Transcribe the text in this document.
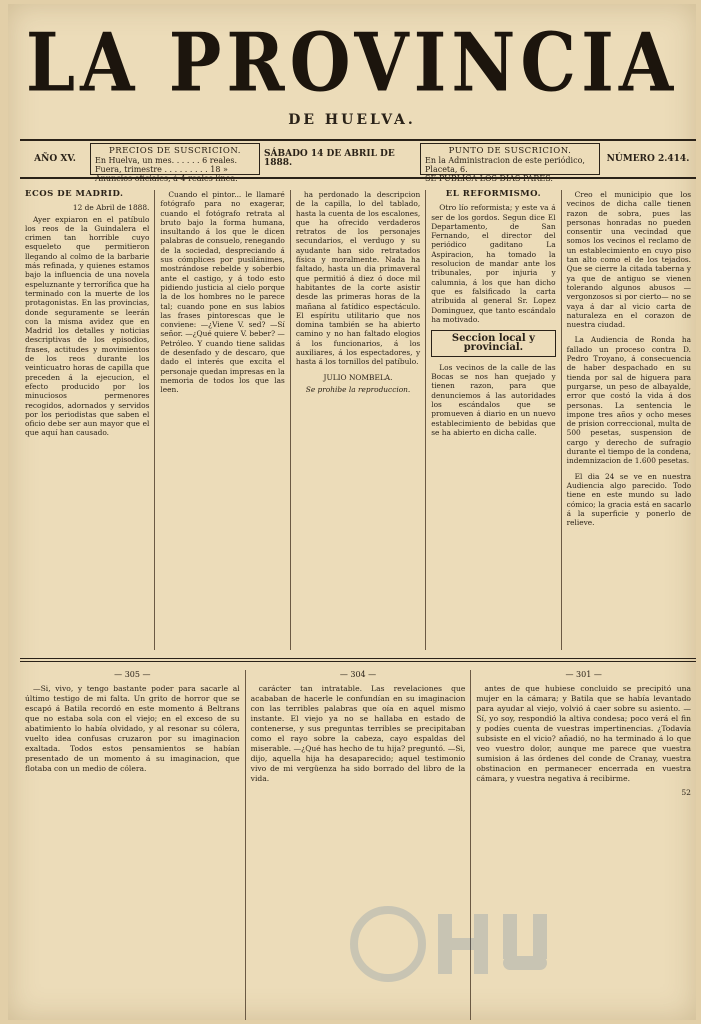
LA PROVINCIA
DE HUELVA.
AÑO XV.
PRECIOS DE SUSCRICION.
En Huelva, un mes. . . . . . 6 reales.
Fuera, trimestre . . . . . . . . . 18 »
Anuncios oficiales, á 4 reales línea.
SÁBADO 14 DE ABRIL DE 1888.
PUNTO DE SUSCRICION.
En la Administracion de este periódico,
Placeta, 6.
SE PUBLICA LOS DIAS PARES.
NÚMERO 2.414.
ECOS DE MADRID.
12 de Abril de 1888.

Ayer expiaron en el patíbulo los reos de la Guindalera el crimen tan horrible cuyo esqueleto que permitieron llegando al colmo de la barbarie más refinada, y quienes estamos bajo la influencia de una novela espeluznante y terrorífica que ha terminado con la muerte de los protagonistas. En las provincias, donde seguramente se leerán con la misma avidez que en Madrid los detalles y noticias descriptivas de los episodios, frases, actitudes y movimientos de los reos durante los veinticuatro horas de capilla que preceden á la ejecucion, el efecto producido por los minuciosos permenores recogidos, adornados y servidos por los periodistas que saben el oficio debe ser aun mayor que el que aquí han causado.

Cuando el pintor... le llamaré fotógrafo para no exagerar, cuando el fotógrafo retrata al bruto bajo la forma humana, insultando á los que le dicen palabras de consuelo, renegando de la sociedad, despreciando á sus cómplices por pusilánimes, mostrándose rebelde y soberbio ante el castigo, y á todo esto pidiendo justicia al cielo porque la de los hombres no le parece tal; cuando pone en sus labios las frases pintorescas que le conviene: —¿Viene V. sed? —Sí señor. —¿Qué quiere V. beber? —Petróleo. Y cuando tiene salidas de desenfado y de descaro, que dado el interés que excita el personaje quedan impresas en la memoria de todos los que las leen.

ha perdonado la descripcion de la capilla, lo del tablado, hasta la cuenta de los escalones, que ha ofrecido verdaderos retratos de los personajes secundarios, el verdugo y su ayudante han sido retratados física y moralmente. Nada ha faltado, hasta un dia primaveral que permitió á diez ó doce mil habitantes de la corte asistir desde las primeras horas de la mañana al fatídico espectáculo. El espíritu utilitario que nos domina también se ha abierto camino y no han faltado elogios á los funcionarios, á los auxiliares, á los espectadores, y hasta á los tornillos del patíbulo.

JULIO NOMBELA.
Se prohibe la reproduccion.
EL REFORMISMO.

Otro lío reformista; y este va á ser de los gordos. Segun dice El Departamento, de San Fernando, el director del periódico gaditano La Aspiracion, ha tomado la resolucion de mandar ante los tribunales, por injuria y calumnia, á los que han dicho que es falsificado la carta atribuida al general Sr. Lopez Dominguez, que tanto escándalo ha motivado.

Seccion local y provincial.

Los vecinos de la calle de las Bocas se nos han quejado y tienen razon, para que denunciemos á las autoridades los escándalos que se promueven á diario en un nuevo establecimiento de bebidas que se ha abierto en dicha calle.

Creo el municipio que los vecinos de dicha calle tienen razon de sobra, pues las personas honradas no pueden consentir una vecindad que somos los vecinos el reclamo de un establecimiento en cuyo piso tan alto como el de los tejados. Que se cierre la citada taberna y ya que de antiguo se vienen tolerando algunos abusos —vergonzosos si por cierto— no se vaya á dar al vicio carta de naturaleza en el corazon de nuestra ciudad.

La Audiencia de Ronda ha fallado un proceso contra D. Pedro Troyano, á consecuencia de haber despachado en su tienda por sal de higuera para purgarse, un peso de albayalde, error que costó la vida á dos personas. La sentencia le impone tres años y ocho meses de prision correccional, multa de 500 pesetas, suspension de cargo y derecho de sufragio durante el tiempo de la condena, indemnizacion de 1.600 pesetas.

El dia 24 se ve en nuestra Audiencia algo parecido. Todo tiene en este mundo su lado cómico; la gracia está en sacarlo á la superficie y ponerlo de relieve.

— 305 —

—Si, vivo, y tengo bastante poder para sacarle al último testigo de mi falta. Un grito de horror que se escapó á Batila recordó en este momento á Beltrans que no estaba sola con el viejo; en el exceso de su abatimiento lo había olvidado, y al resonar su cólera, vuelto idea confusas cruzaron por su imaginacion exaltada. Todos estos pensamientos se habían presentado de un momento á su imaginacion, que flotaba con un medio de cólera.

— 304 —

carácter tan intratable. Las revelaciones que acababan de hacerle le confundían en su imaginacion con las terribles palabras que oía en aquel mismo instante. El viejo ya no se hallaba en estado de contenerse, y sus preguntas terribles se precipitaban como el rayo sobre la cabeza, cayo espaldas del miserable. —¿Qué has hecho de tu hija? preguntó. —Si, dijo, aquella hija ha desaparecido; aquel testimonio vivo de mi vergüenza ha sido borrado del libro de la vida.

— 301 —

antes de que hubiese concluido se precipitó una mujer en la cámara; y Batila que se había levantado para ayudar al viejo, volvió á caer sobre su asiento. —Sí, yo soy, respondió la altiva condesa; poco verá el fin y podíes cuenta de vuestras impertinencias. ¿Todavía subsiste en el vicio? añadió, no ha terminado á lo que veo vuestro dolor, aunque me parece que vuestra sumision á las órdenes del conde de Cranay, vuestra obstinacion en permanecer encerrada en vuestra cámara, y vuestra negativa á recibirme.

52
